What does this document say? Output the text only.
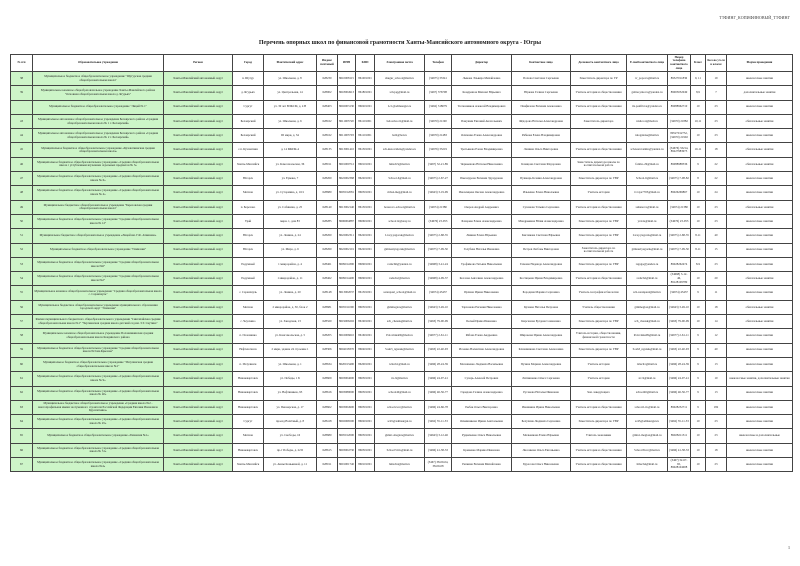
ТТФИНГ_КОПИФИНОВЫЙ_ТТФИНГ
Перечень опорных школ по финансовой грамотности Ханты-Мансийского автономного округа - Югры
№ п/п	Образовательное учреждение	Регион	Город	Фактический адрес	Индекс почтовый	ИНН	КПП	Электронная почта	Телефон	Директор	Контактное лицо	Должность контактного лица	E-mail контактного лица	Номер телефона контактного лица	Класс	Кол-во уч-ся в классе	Форма проведения
38	Муниципальное бюджетное общеобразовательное учреждение "Шугурская средняя общеобразовательная школа"	Ханты-Мансийский автономный округ	п. Шугур	ул. Школьная, д. 8	628230	8610008115	861001001	shugur_school@mail.ru	(34675) 33341	Лыкова Эльвира Михайловна	Попова Светлана Сергеевна	Заместитель директора по УР	rv_popova@mail.ru	89527011836	9, 11	19	внеклассные занятия
39	Муниципальное казенное общеобразовательное учреждение Ханты-Мансийского района "Основная общеобразовательная школа д. Ягурьях"	Ханты-Мансийский автономный округ	д. Ягурьях	ул. Центральная, 14	628002	8618004913	861801001	sch.jag@mail.ru	(3467) 376708	Кондрашов Михаил Юрьевич	Юркова Галина Сергеевна	Учитель истории и обществознания	galina.yrkova@yandex.ru	89003032049	8,9	7	дополнительные занятия
	Муниципальное бюджетное общеобразовательное учреждение "Лицей № 1"	Ханты-Мансийский автономный округ	Сургут	ул. 30 лет ВЛКСМ, д. 4 В	628403	8602003130	860201001	Lc1@admsurgut.ru	(3462) 318079	Тютюнников Алексей Владимирович	Панфилова Евгения Алексеевна	Учитель истории и обществознания	ila.panfilova@yandex.ru	89088962710	10	23	внеклассные занятия
43	Муниципальное автономное общеобразовательное учреждение Белоярского района «Средняя общеобразовательная школа № 1 г. Белоярский»	Ханты-Мансийский автономный округ	Белоярский	ул. Школьная, д. 6	628162	8611003720	861101001	beloschool1@mail.ru	(34670) 21190	Панушин Евгений Анатольевич	Фёдорова Наталья Александровна	Заместитель директора	ntshcool@mail.ru	(34670) 21882	10,11	23	обязательные занятия
44	Муниципальное автономное общеобразовательное учреждение Белоярского района «Средняя общеобразовательная школа № 2 г. Белоярский»	Ханты-Мансийский автономный округ	Белоярский	III мкрн, д. 34	628162	8611003703	861101001	bel2@bel.ru	(34670) 21483	Осипенко Елена Александровна	Рябкова Елена Владимировна		ruiogalena@mail.ru	89527012752, (34670) 21902	10	23	внеклассные занятия
45	Муниципальное бюджетное общеобразовательное учреждение «Кузоваткинская средняя общеобразовательная школа»	Ханты-Мансийский автономный округ	с.п. Кузоваткин	д. 14 МКПК-4	628135	8613001410	861301001	sch-kuzovatkin@yandex.ru	(34676) 33219	Третьякова Елена Владимировна	Лашина Ольга Викторовна	Учитель истории и обществознания	sch-kuzovatkin@yandex.ru	(34676) 33214, 89227983975	10-11	18	обязательные занятия
46	Муниципальное бюджетное общеобразовательное учреждение «Средняя общеобразовательная школа с углубленным изучением отдельных предметов № 3»	Ханты-Мансийский автономный округ	Ханты-Мансийск	ул. Комсомольская, 36	628011	8601000712	860101001	hmsch3@mail.ru	(3467) 32-21-89	Чернышова Наталья Николаевна	Клевцова Светлана Фёдоровна	Заместитель директора школы по воспитательной работе	fatimo-29@mail.ru	89088988336	9	22	обязательные занятия
47	Муниципальное бюджетное общеобразовательное учреждение «Средняя общеобразовательная школа № 6»	Ханты-Мансийский автономный округ	Югорск	ул. Ермака, 7	628260	8622002368	862201001	School-6@mail.ru	(34675) 2-67-27	Ижеэнурова Евгения Эдуардовна	Пушкарь Ксения Александровна	Заместитель директора по УВР	School-6@mail.ru	(34675) 7-08-82	8	22	внеклассные занятия
48	Муниципальное бюджетное общеобразовательное учреждение «Средняя общеобразовательная школа № 4»	Ханты-Мансийский автономный округ	Мегион	ул. Сутормина, д. 16/1	628680	8605012081	860501001	mbs4-meg@mail.ru	(34643) 3-19-99	Иноземцева Оксана Александровна	Ильченко Елена Николаевна	Учитель истории	ivcaya7703@mail.ru	89026269867	10	24	внеклассные занятия
49	Муниципальное бюджетное общеобразовательное учреждение "Березовская средняя общеобразовательная школа"	Ханты-Мансийский автономный округ	п. Березово	ул. Собянина, д. 25	628140	8613002140	861301001	berezovo-school@mail.ru	(34674) 21380	Озеров Андрей Андреевич	Суханова Татьяна Сергеевна	Учитель истории и обществознания	suhanova@mail.ru	(34674) 21380	10	23	обязательные занятия
50	Муниципальное бюджетное общеобразовательное учреждение "Средняя общеобразовательная школа № 12"	Ханты-Мансийский автономный округ	Урай	мкрн. 1, дом 83	628285	8606004887	860601001	school12@uray.ru	(34676) 23-053	Бахарева Елена Александровна	Мандрыкина Юлия Александровна	Заместитель директора по УВР	yravle@mail.ru	(34676) 23-053	10	23	внеклассные занятия
51	Муниципальное бюджетное общеобразовательное учреждение «Лицей им. Г.Ф. Атякшева»	Ханты-Мансийский автономный округ	Югорск	ул. Ленина, д. 24	628260	8622002311	862201001	Licey.yugorsk@mail.ru	(34675) 2-68-35	Ливина Елена Юрьевна	Кислякова Светлана Юрьевна	Заместитель директора по УВР	Licey.yugorsk@mail.ru	(34675) 2-68-35	8-11	40	внеклассные занятия
52	Муниципальное бюджетное общеобразовательное учреждение "Гимназия"	Ханты-Мансийский автономный округ	Югорск	ул. Мира, д. 6	628260	8622002101	862201001	gimnaziyugorsk@mail.ru	(34675) 7-09-50	Голубева Наталья Ивановна	Петров Любовь Викторовна	Заместитель директора по воспитательной работе	gimnaziyugorsk@mail.ru	(34675) 7-09-50	8-11	15	внеклассные занятия
53	Муниципальное бюджетное общеобразовательное учреждение "Средняя общеобразовательная школа №6"	Ханты-Мансийский автономный округ	Радужный	1 микрорайон, д. 4	628461	8609014390	860901001	radsch6@yandex.ru	(34668) 3-41-24	Трофимова Татьяна Николаевна	Гапеева Надежда Александровна	Заместитель директора по УВР	rsgaga@yandex.ru	89028262474	8-9	23	внеклассные занятия
54	Муниципальное бюджетное общеобразовательное учреждение "Средняя общеобразовательная школа №2"	Ханты-Мансийский автономный округ	Радужный	1 микрорайон, д. 11	628462	8609014400	860901001	radsch2@mail.ru	(34668) 4-09-37	Козлова Ангелина Александровна	Костицына Ирина Владимировна	Учитель истории и обществознания	radsch2@mail.ru	(34668) 3-12-46, 89128109789	10	20	обязательные занятия
55	Муниципальное казенное общеобразовательное учреждение "Средняя общеобразовательная школа с. Саранпауль"	Ханты-Мансийский автономный округ	с. Саранпауль	ул. Ленина, д. 20	628148	8613002037	861301001	saranpaul_school@mail.ru	(34674) 45437	Ирхина Ирина Николаевна	Бородина Марина Сергеевна	Учитель географии и биологии	sch-saranpaul@mail.ru	(34674) 45437	9	11	внеклассные занятия
56	Муниципальное бюджетное общеобразовательное учреждение муниципального образования городской округ "Гимназия"	Ханты-Мансийский автономный округ	Мегион	2 микрорайон, д. 30, блок 2	628681	8605011000	860501001	gimmegion@mail.ru	(34643) 3-49-10	Тарханова Евгения Николаевна	Кулаева Наталья Петровна	Учитель обществознания	gimmegion@mail.ru	(34643) 3-49-10	10	18	обязательные занятия
57	Филиал муниципального бюджетного общеобразовательного учреждения "Сингапайская средняя общеобразовательная школа №1" "Чеускинская средняя школа детский сад им. З.Т. Скутина"	Ханты-Мансийский автономный округ	с. Чеускино	ул. Заводская, 13	628320	8619006202	861901001	sch_cheusk@mail.ru	(3463) 79-00-09	Белый Ирина Ивановна	Кирсанова Бугдана Семеновна	Заместитель директора по УВР	sch_cheusk@mail.ru	(3463) 79-00-09	10	14	обязательные занятия
58	Муниципальное казенное общеобразовательное учреждение Половинкинская средняя общеобразовательная школа Кондинского района	Ханты-Мансийский автономный округ	п. Половинка	ул. Комсомольская, д. 5	628205	8616006610	861601001	Polovinka09@mail.ru	(34677) 2-61-11	Рябова Елена Андреевна	Широкова Ирина Александровна	Учитель истории, обществознания, финансовой грамотности	Polovinka09@mail.ru	(34677) 2-61-11	9	12	внеклассные занятия
59	Муниципальное бюджетное общеобразовательное учреждение "Средняя общеобразовательная школа №3 им.Крылова"	Ханты-Мансийский автономный округ	Нефтеюганск	2 мкрн, здание 24 строение 1	628306	8604018370	860401001	Sosh3_ngansk@mail.ru	(3463) 22-40-93	Исаенко Валентина Александровна	Клюшникова Светлана Алексеевна	Заместитель директора по УВР	Sosh3_ngansk@mail.ru	(3463) 22-40-93	9	40	внеклассные занятия
60	Муниципальное бюджетное общеобразовательное учреждение "Излучинская средняя общеобразовательная школа №1"	Ханты-Мансийский автономный округ	п. Излучинск	ул. Школьная, д. 1	628634	8620013490	862001001	izluch1@mail.ru	(3466) 28-24-39	Малашенко Людмила Васильевна	Пузина Марина Александровна	Учитель истории	izluch1@mail.ru	(3466) 28-24-39	9	13	внеклассные занятия
61	Муниципальное бюджетное общеобразовательное учреждение «Средняя общеобразовательная школа № 9»	Ханты-Мансийский автономный округ	Нижневартовск	ул. Победы, 1 Б	628609	8603004600	860301001	nv-9@mail.ru	(3466) 24-07-41	Сухарь Алексей Петрович	Литвиненко Ольга Сергеевна	Учитель истории	nv-9@mail.ru	(3466) 24-07-41	9	10	внеклассные занятия, дополнительные занятия
62	Муниципальное бюджетное общеобразовательное учреждение «Средняя общеобразовательная школа № 40»	Ханты-Мансийский автономный округ	Нижневартовск	ул. Нефтяников, 93	628616	8603089000	860301001	school40@mail.ru	(3466) 46-56-77	Гаридова Галина Александровна	Русакова Наталья Ивановна	Зам. заведующего	school40@mail.ru	(3466) 46-56-77	9	13	внеклассные занятия
63	Муниципальное бюджетное общеобразовательное учреждение «Средняя школа №2 - многопрофильная имени заслуженного строителя Российской Федерации Евгения Ивановича Куропаткина»	Ханты-Мансийский автономный округ	Нижневартовск	ул. Пионерская, д. 17	628602	8603004900	860301001	school2-nv@mail.ru	(3466) 24-66-78	Рыбак Ольга Викторовна	Ивашкина Ирина Николаевна	Учитель истории и обществознания	school2-nv@mail.ru	89028252711	9	182	внеклассные занятия
64	Муниципальное бюджетное общеобразовательное учреждение «Средняя общеобразовательная школа № 45»	Ханты-Мансийский автономный округ	Сургут	проезд Взлётный, д. 8	628418	8602066500	860201001	sc45@admsurgut.ru	(3462) 35-11-53	Овчинникова Ирина Анатольевна	Белухина Людмила Сергеевна	Заместитель директора по УВР	sc45@admsurgut.ru	(3462) 35-11-53	10	23	внеклассные занятия
65	Муниципальное бюджетное общеобразовательное учреждение «Гимназия №1»	Ханты-Мансийский автономный округ	Мегион	ул. Свободы, 16	628680	8605012000	860501001	gimn1-megion@mail.ru	(34643) 3-12-46	Рудниченко Ольга Николаевна	Мальчикова Елена Юрьевна	Учитель экономики	gimn1-megion@mail.ru	89028211311	10	23	внеклассные и дополнительные
66	Муниципальное бюджетное общеобразовательное учреждение «Средняя общеобразовательная школа № 31»	Ханты-Мансийский автономный округ	Нижневартовск	пр-т Победы, д. 22 Б	628615	8603004730	860301001	School31nv@mail.ru	(3466) 41-38-33	Кременко Марина Ивановна	Лисенкова Ольга Евгеньевна	Учитель истории и обществознания	School31nv@mail.ru	(3466) 41-38-33	10	18	внеклассные занятия
67	Муниципальное бюджетное общеобразовательное учреждение «Средняя общеобразовательная школа №4»	Ханты-Мансийский автономный округ	Ханты-Мансийск	ул. Анны Конькиной, д. 11	628011	8601001740	860101001	hmsch4@mail.ru	(3467) 38-09-04, 38-09-08	Репкина Евгения Михайловна	Бурасова Ольга Николаевна	Учитель истории и обществознания	hmsch4@mail.ru	(3467) 32-67-65, 89028104008	10	23	внеклассные занятия
1
